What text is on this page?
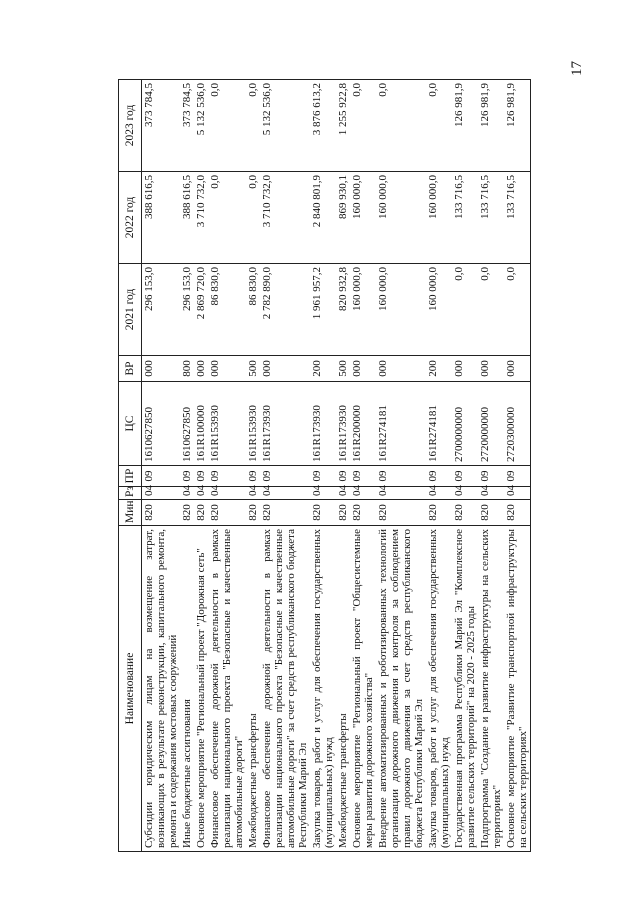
17
Наименование	Мин	Рз	ПР	ЦС	ВР	2021 год	2022 год	2023 год
Субсидии юридическим лицам на возмещение затрат, возникающих в результате реконструкции, капитального ремонта, ремонта и содержания мостовых сооружений	820	04	09	1610627850	000	296 153,0	388 616,5	373 784,5
Иные бюджетные ассигнования	820	04	09	1610627850	800	296 153,0	388 616,5	373 784,5
Основное мероприятие "Региональный проект "Дорожная сеть"	820	04	09	161R100000	000	2 869 720,0	3 710 732,0	5 132 536,0
Финансовое обеспечение дорожной деятельности в рамках реализации национального проекта "Безопасные и качественные автомобильные дороги"	820	04	09	161R153930	000	86 830,0	0,0	0,0
Межбюджетные трансферты	820	04	09	161R153930	500	86 830,0	0,0	0,0
Финансовое обеспечение дорожной деятельности в рамках реализации национального проекта "Безопасные и качественные автомобильные дороги" за счет средств республиканского бюджета Республики Марий Эл	820	04	09	161R173930	000	2 782 890,0	3 710 732,0	5 132 536,0
Закупка товаров, работ и услуг для обеспечения государственных (муниципальных) нужд	820	04	09	161R173930	200	1 961 957,2	2 840 801,9	3 876 613,2
Межбюджетные трансферты	820	04	09	161R173930	500	820 932,8	869 930,1	1 255 922,8
Основное мероприятие "Региональный проект "Общесистемные меры развития дорожного хозяйства"	820	04	09	161R200000	000	160 000,0	160 000,0	0,0
Внедрение автоматизированных и роботизированных технологий организации дорожного движения и контроля за соблюдением правил дорожного движения за счет средств республиканского бюджета Республики Марий Эл	820	04	09	161R274181	000	160 000,0	160 000,0	0,0
Закупка товаров, работ и услуг для обеспечения государственных (муниципальных) нужд	820	04	09	161R274181	200	160 000,0	160 000,0	0,0
Государственная программа Республики Марий Эл "Комплексное развитие сельских территорий" на 2020 - 2025 годы	820	04	09	2700000000	000	0,0	133 716,5	126 981,9
Подпрограмма "Создание и развитие инфраструктуры на сельских территориях"	820	04	09	2720000000	000	0,0	133 716,5	126 981,9
Основное мероприятие "Развитие транспортной инфраструктуры на сельских территориях"	820	04	09	2720300000	000	0,0	133 716,5	126 981,9
